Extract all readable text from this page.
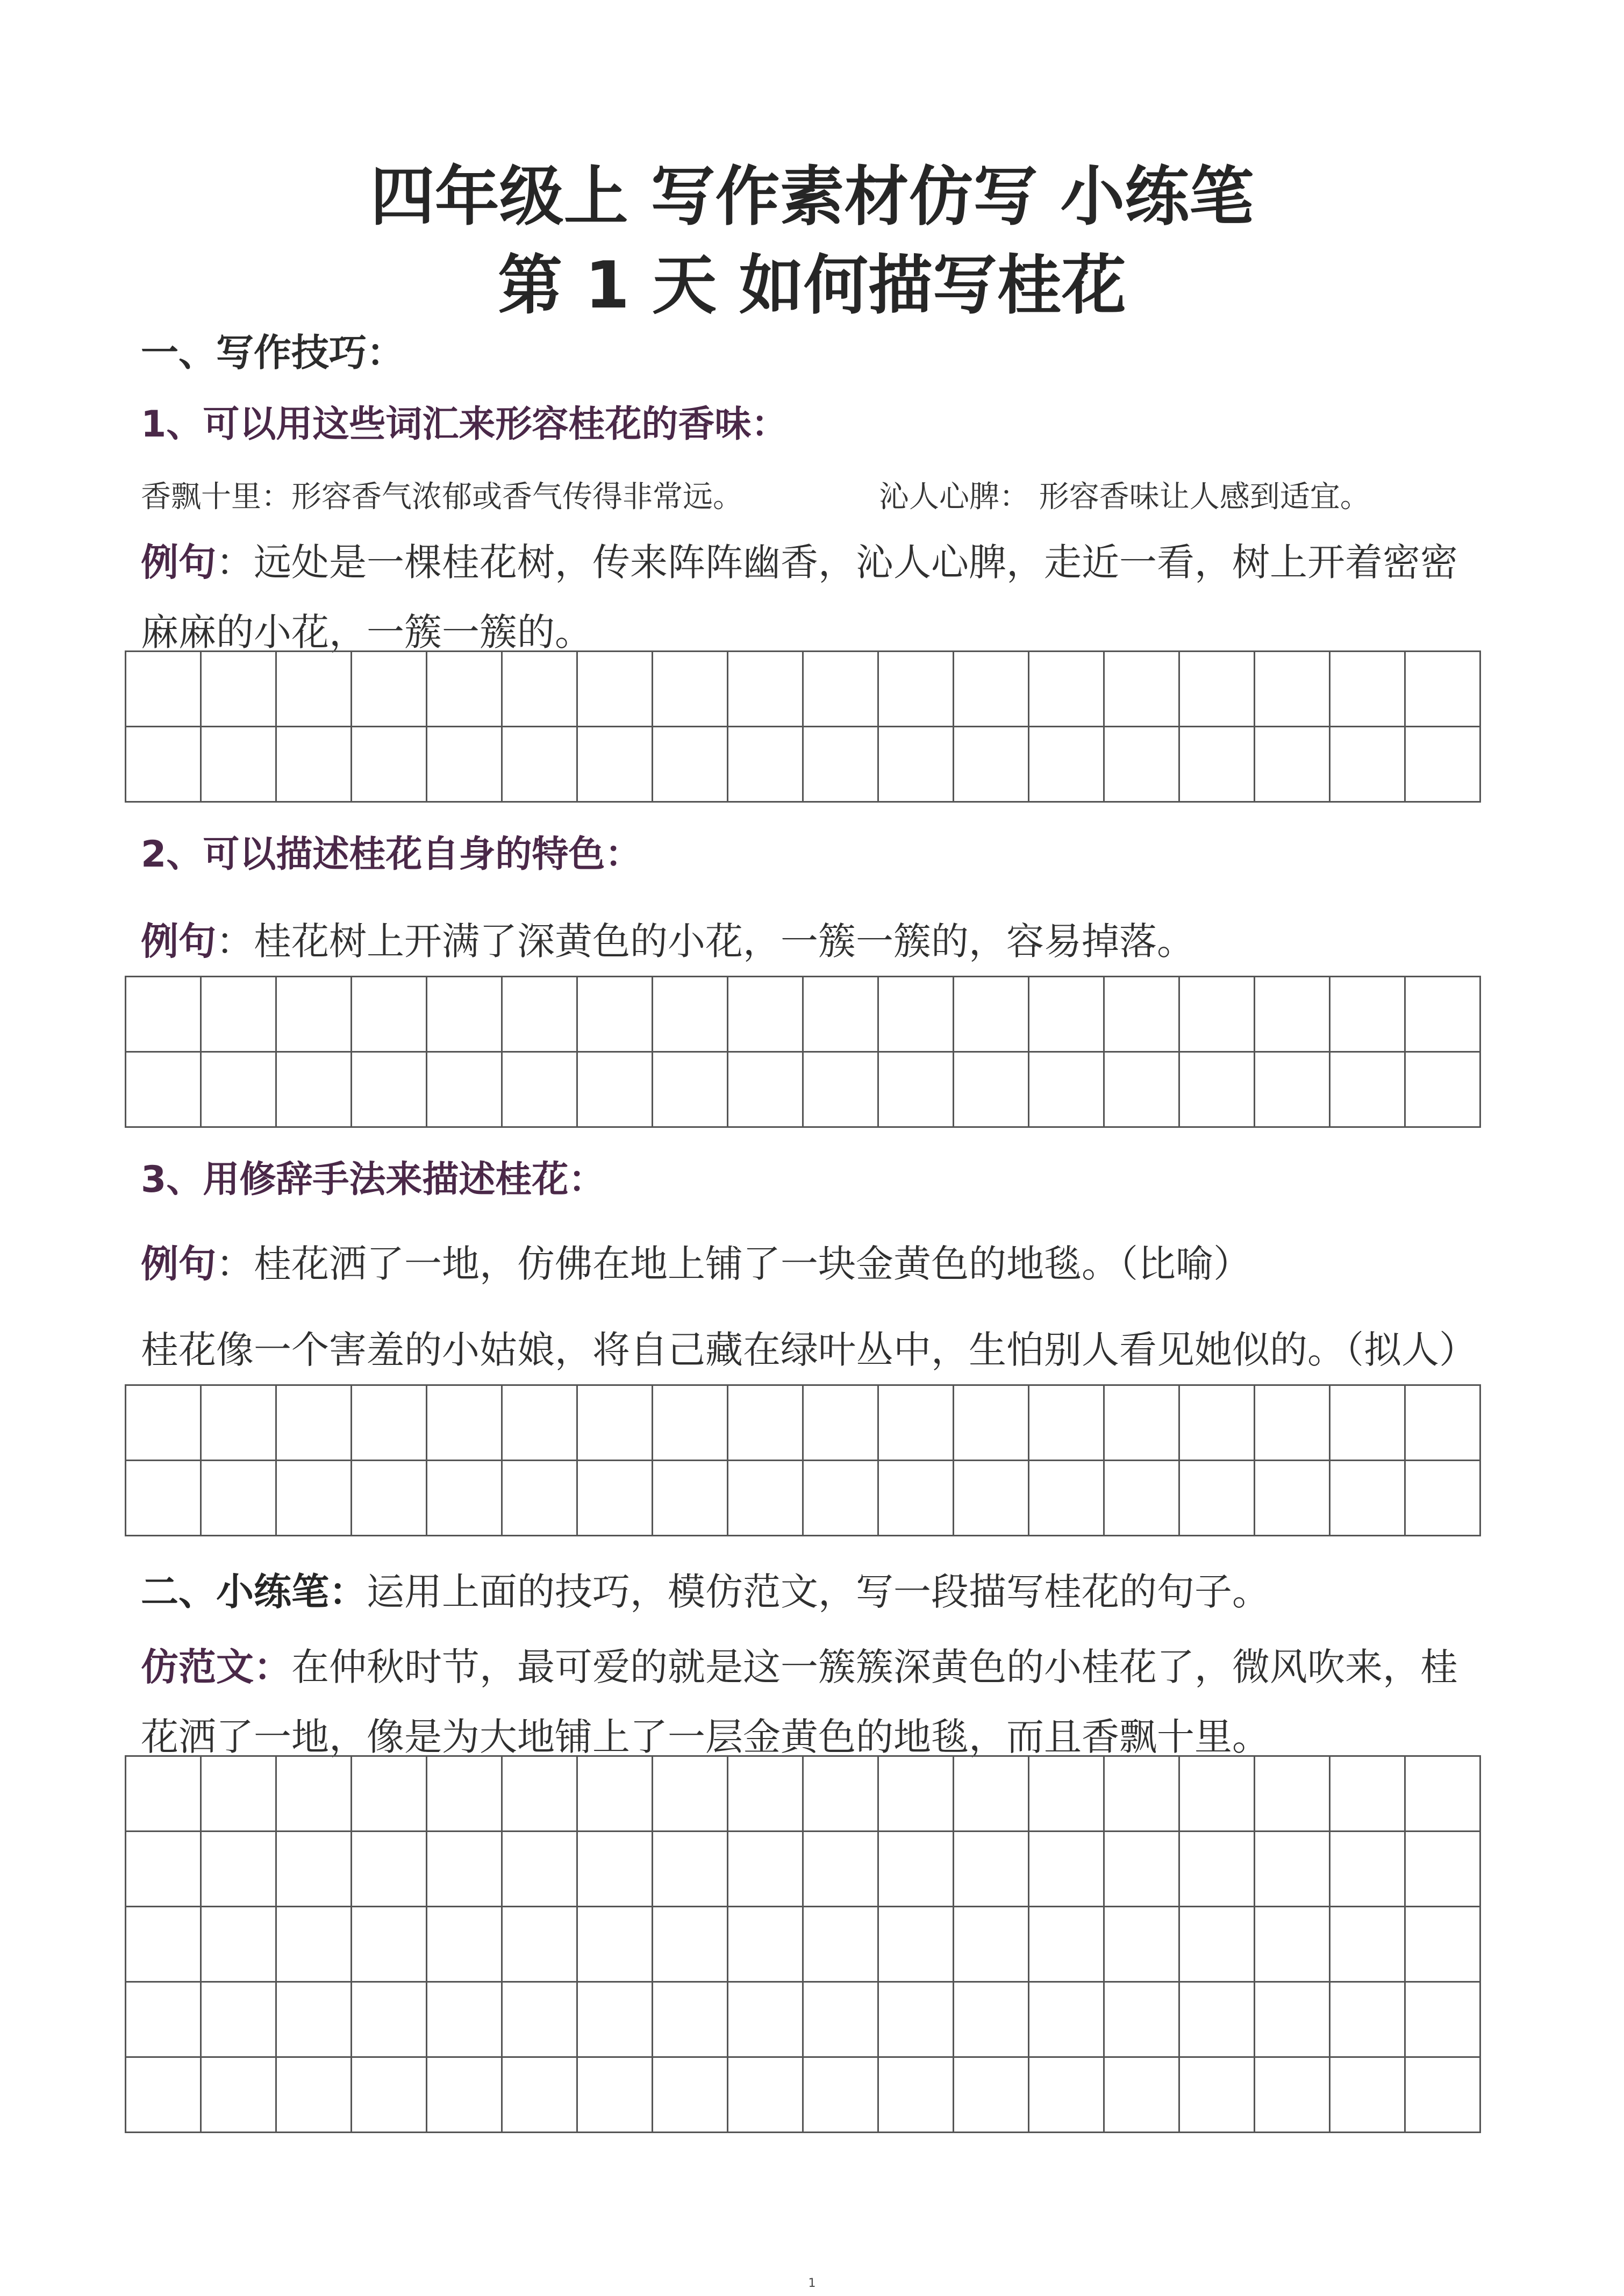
四年级上 写作素材仿写 小练笔
第 1 天 如何描写桂花
一、写作技巧：
1、可以用这些词汇来形容桂花的香味：
香飘十里：形容香气浓郁或香气传得非常远。	沁人心脾： 形容香味让人感到适宜。
例句：远处是一棵桂花树，传来阵阵幽香，沁人心脾，走近一看，树上开着密密
麻麻的小花，一簇一簇的。
2、可以描述桂花自身的特色：
例句：桂花树上开满了深黄色的小花，一簇一簇的，容易掉落。
3、用修辞手法来描述桂花：
例句：桂花洒了一地，仿佛在地上铺了一块金黄色的地毯。（比喻）
桂花像一个害羞的小姑娘，将自己藏在绿叶丛中，生怕别人看见她似的。（拟人）
二、小练笔：运用上面的技巧，模仿范文，写一段描写桂花的句子。
仿范文：在仲秋时节，最可爱的就是这一簇簇深黄色的小桂花了，微风吹来，桂
花洒了一地，像是为大地铺上了一层金黄色的地毯，而且香飘十里。
1
